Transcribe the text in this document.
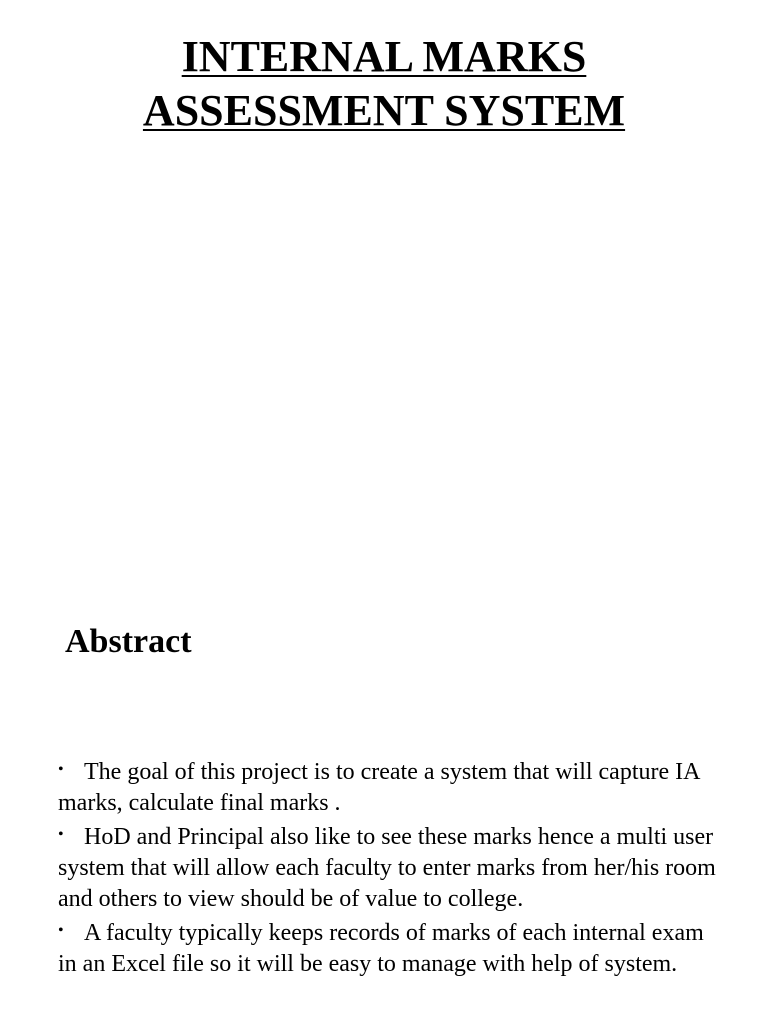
INTERNAL MARKS
ASSESSMENT SYSTEM
Abstract
• The goal of this project is to create a system that will capture IA marks, calculate final marks .
• HoD and Principal also like to see these marks hence a multi user system that will allow each faculty to enter marks from her/his room and others to view should be of value to college.
• A faculty typically keeps records of marks of each internal exam in an Excel file so it will be easy to manage with help of system.
